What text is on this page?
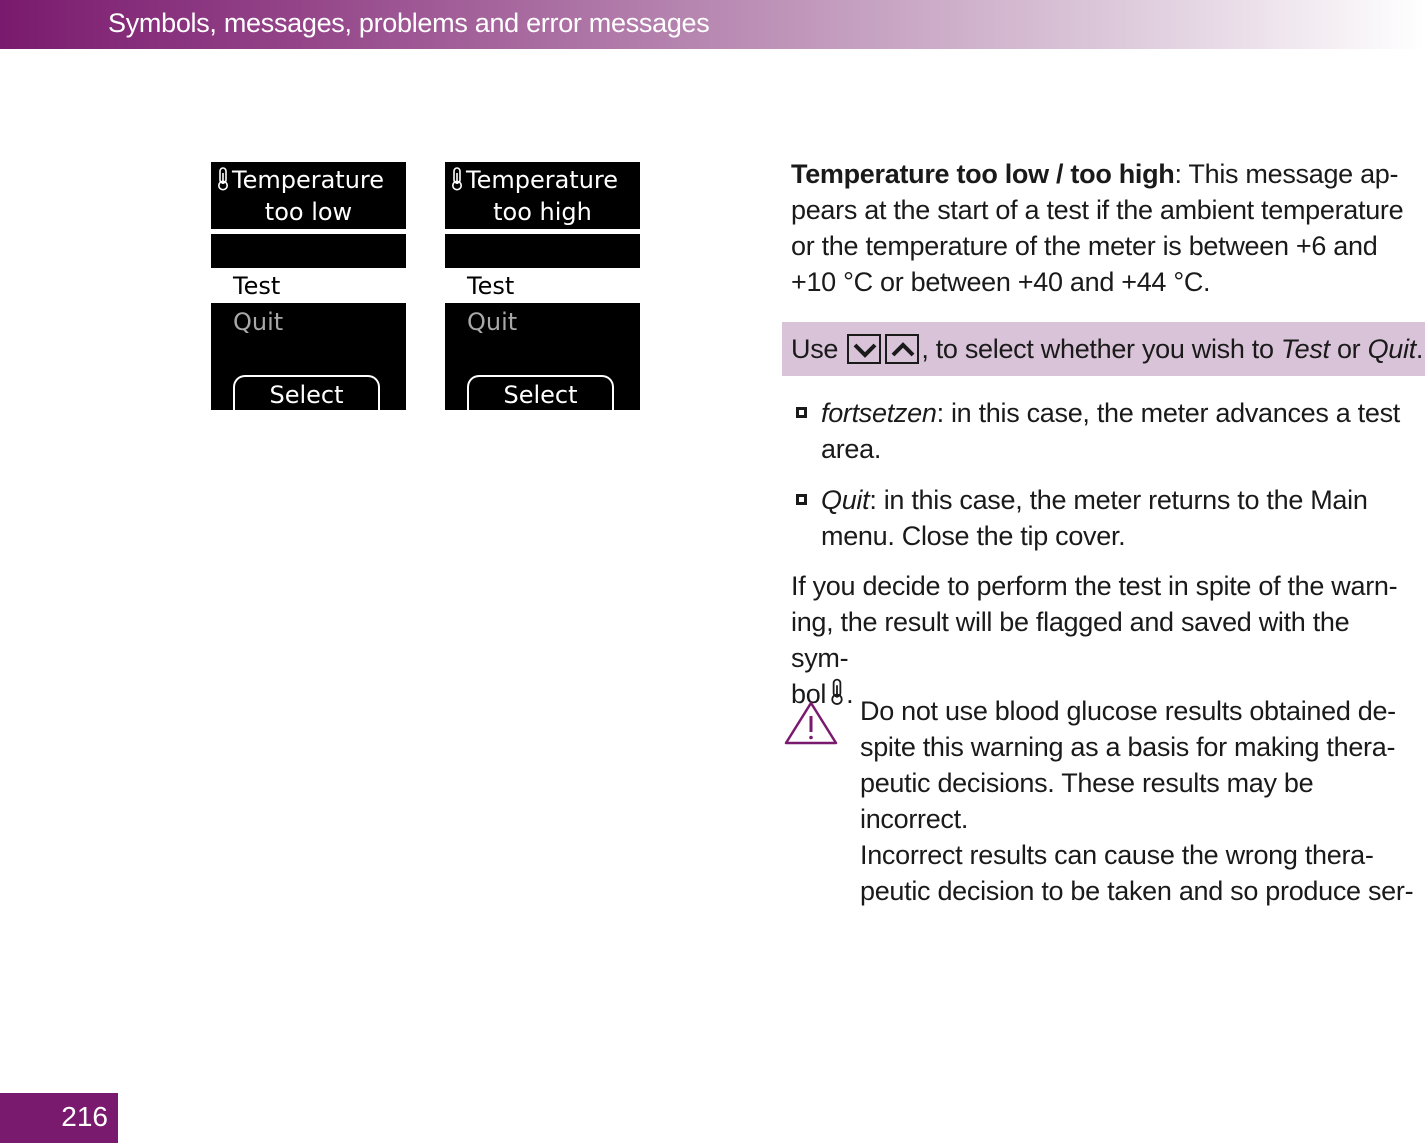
Symbols, messages, problems and error messages
Temperature
too low
Test
Quit
Select
Temperature
too high
Test
Quit
Select
Temperature too low / too high: This message ap-
pears at the start of a test if the ambient temperature
or the temperature of the meter is between +6 and
+10 °C or between +40 and +44 °C.
Use	, to select whether you wish to Test or Quit.
fortsetzen: in this case, the meter advances a test
area.
Quit: in this case, the meter returns to the Main
menu. Close the tip cover.
If you decide to perform the test in spite of the warn-
ing, the result will be flagged and saved with the sym-
bol .
Do not use blood glucose results obtained de-
spite this warning as a basis for making thera-
peutic decisions. These results may be incorrect.
Incorrect results can cause the wrong thera-
peutic decision to be taken and so produce ser-
216
